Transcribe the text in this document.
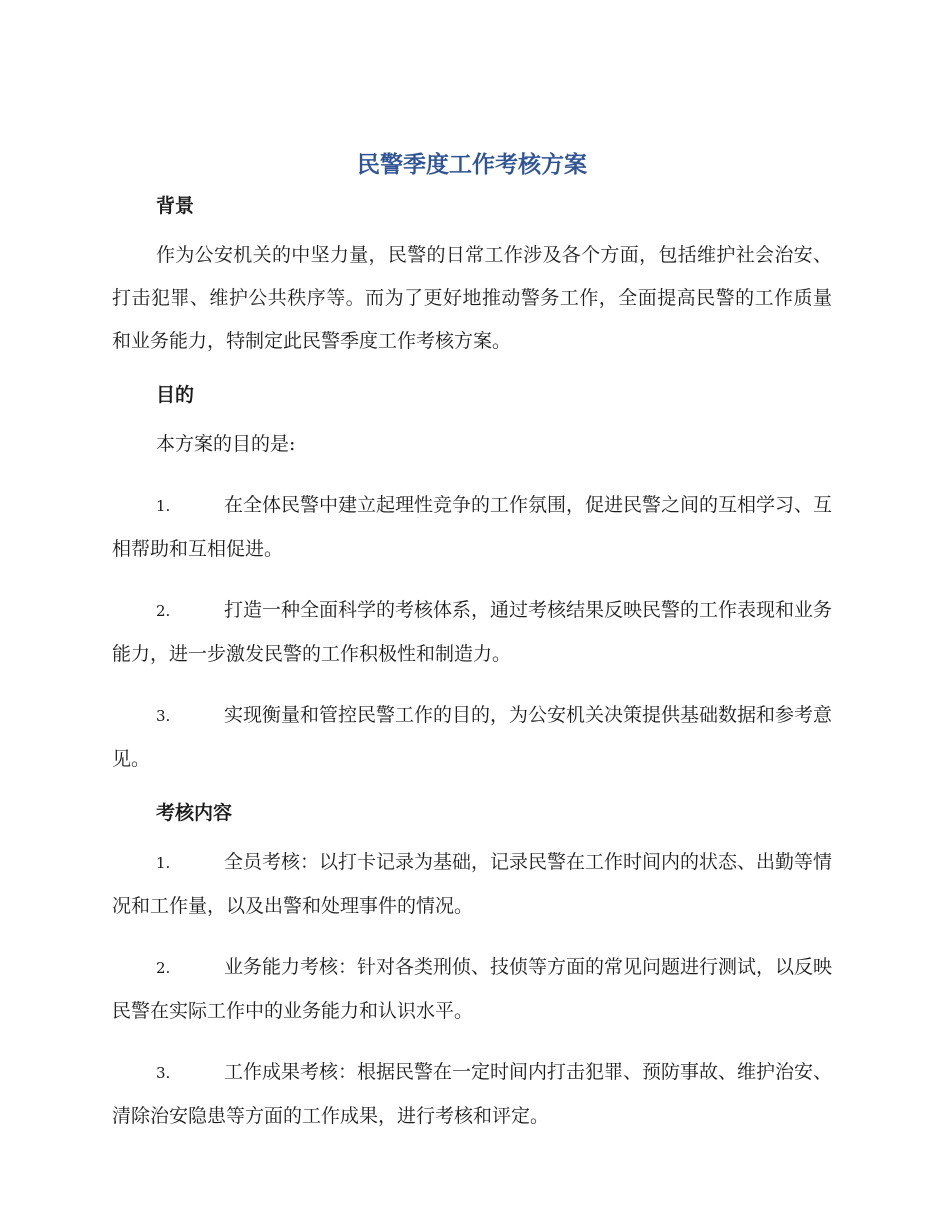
民警季度工作考核方案
背景

作为公安机关的中坚力量，民警的日常工作涉及各个方面，包括维护社会治安、打击犯罪、维护公共秩序等。而为了更好地推动警务工作，全面提高民警的工作质量和业务能力，特制定此民警季度工作考核方案。

目的

本方案的目的是:

1.	在全体民警中建立起理性竞争的工作氛围，促进民警之间的互相学习、互相帮助和互相促进。

2.	打造一种全面科学的考核体系，通过考核结果反映民警的工作表现和业务能力，进一步激发民警的工作积极性和制造力。

3.	实现衡量和管控民警工作的目的，为公安机关决策提供基础数据和参考意见。

考核内容

1.	全员考核：以打卡记录为基础，记录民警在工作时间内的状态、出勤等情况和工作量，以及出警和处理事件的情况。

2.	业务能力考核：针对各类刑侦、技侦等方面的常见问题进行测试，以反映民警在实际工作中的业务能力和认识水平。

3.	工作成果考核：根据民警在一定时间内打击犯罪、预防事故、维护治安、清除治安隐患等方面的工作成果，进行考核和评定。
